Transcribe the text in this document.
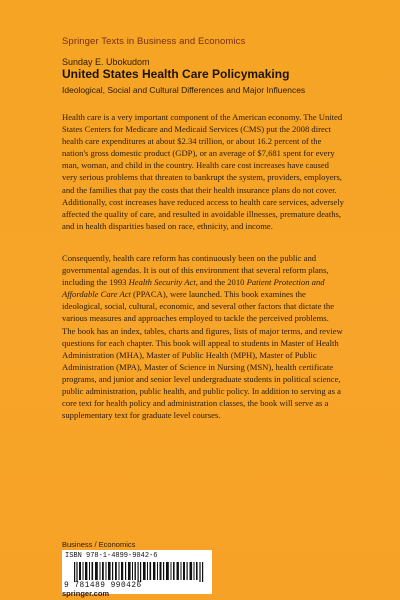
Springer Texts in Business and Economics
Sunday E. Ubokudom
United States Health Care Policymaking
Ideological, Social and Cultural Differences and Major Influences

Health care is a very important component of the American economy. The United States Centers for Medicare and Medicaid Services (CMS) put the 2008 direct health care expenditures at about $2.34 trillion, or about 16.2 percent of the nation's gross domestic product (GDP), or an average of $7,681 spent for every man, woman, and child in the country. Health care cost increases have caused very serious problems that threaten to bankrupt the system, providers, employers, and the families that pay the costs that their health insurance plans do not cover. Additionally, cost increases have reduced access to health care services, adversely affected the quality of care, and resulted in avoidable illnesses, premature deaths, and in health disparities based on race, ethnicity, and income.

Consequently, health care reform has continuously been on the public and governmental agendas. It is out of this environment that several reform plans, including the 1993 Health Security Act, and the 2010 Patient Protection and Affordable Care Act (PPACA), were launched. This book examines the ideological, social, cultural, economic, and several other factors that dictate the various measures and approaches employed to tackle the perceived problems. The book has an index, tables, charts and figures, lists of major terms, and review questions for each chapter. This book will appeal to students in Master of Health Administration (MHA), Master of Public Health (MPH), Master of Public Administration (MPA), Master of Science in Nursing (MSN), health certificate programs, and junior and senior level undergraduate students in political science, public administration, public health, and public policy. In addition to serving as a core text for health policy and administration classes, the book will serve as a supplementary text for graduate level courses.

Business / Economics
ISBN 978-1-4899-9042-6
9 781489 990426
springer.com
